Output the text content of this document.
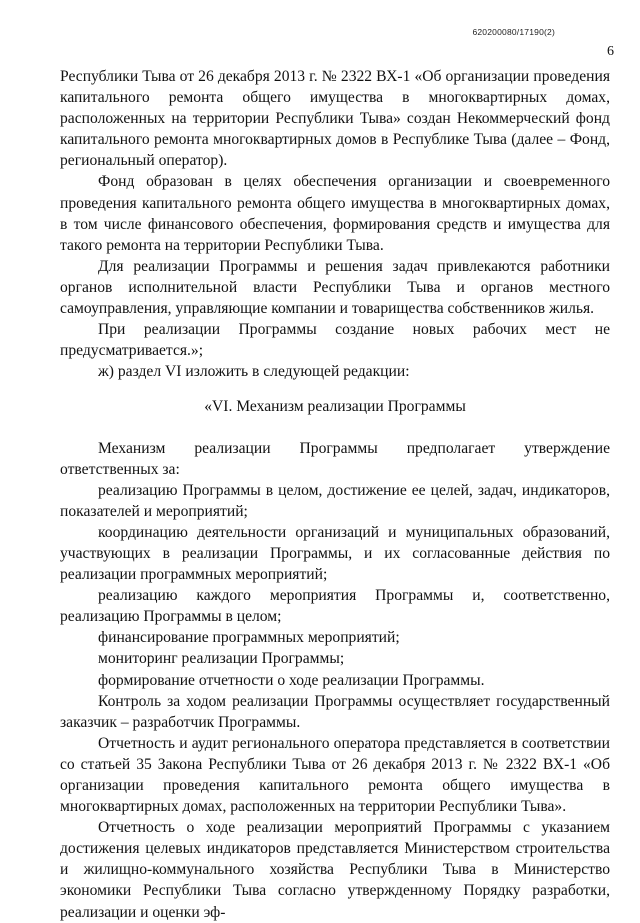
620200080/17190(2)
6

Республики Тыва от 26 декабря 2013 г. № 2322 ВХ-1 «Об организации проведения капитального ремонта общего имущества в многоквартирных домах, расположенных на территории Республики Тыва» создан Некоммерческий фонд капитального ремонта многоквартирных домов в Республике Тыва (далее – Фонд, региональный оператор).

Фонд образован в целях обеспечения организации и своевременного проведения капитального ремонта общего имущества в многоквартирных домах, в том числе финансового обеспечения, формирования средств и имущества для такого ремонта на территории Республики Тыва.

Для реализации Программы и решения задач привлекаются работники органов исполнительной власти Республики Тыва и органов местного самоуправления, управляющие компании и товарищества собственников жилья.

При реализации Программы создание новых рабочих мест не предусматривается.»;

ж) раздел VI изложить в следующей редакции:

«VI. Механизм реализации Программы

Механизм реализации Программы предполагает утверждение ответственных за:

реализацию Программы в целом, достижение ее целей, задач, индикаторов, показателей и мероприятий;

координацию деятельности организаций и муниципальных образований, участвующих в реализации Программы, и их согласованные действия по реализации программных мероприятий;

реализацию каждого мероприятия Программы и, соответственно, реализацию Программы в целом;

финансирование программных мероприятий;

мониторинг реализации Программы;

формирование отчетности о ходе реализации Программы.

Контроль за ходом реализации Программы осуществляет государственный заказчик – разработчик Программы.

Отчетность и аудит регионального оператора представляется в соответствии со статьей 35 Закона Республики Тыва от 26 декабря 2013 г. № 2322 ВХ-1 «Об организации проведения капитального ремонта общего имущества в многоквартирных домах, расположенных на территории Республики Тыва».

Отчетность о ходе реализации мероприятий Программы с указанием достижения целевых индикаторов представляется Министерством строительства и жилищно-коммунального хозяйства Республики Тыва в Министерство экономики Республики Тыва согласно утвержденному Порядку разработки, реализации и оценки эф-
